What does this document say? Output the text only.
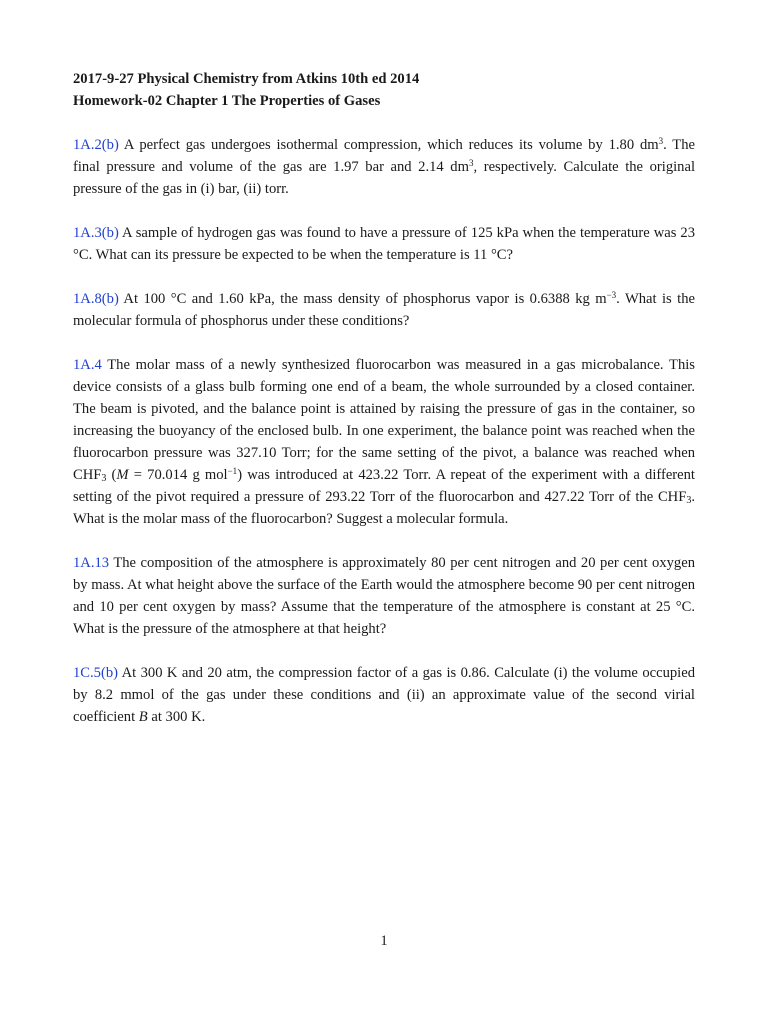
2017-9-27 Physical Chemistry from Atkins 10th ed 2014

Homework-02 Chapter 1 The Properties of Gases

1A.2(b) A perfect gas undergoes isothermal compression, which reduces its volume by 1.80 $dm^3$. The final pressure and volume of the gas are 1.97 bar and 2.14 $dm^3$, respectively. Calculate the original pressure of the gas in (i) bar, (ii) torr.

1A.3(b) A sample of hydrogen gas was found to have a pressure of 125 kPa when the temperature was 23 °C. What can its pressure be expected to be when the temperature is 11 °C?

1A.8(b) At 100 °C and 1.60 kPa, the mass density of phosphorus vapor is 0.6388 kg $m^{-3}$. What is the molecular formula of phosphorus under these conditions?

1A.4 The molar mass of a newly synthesized fluorocarbon was measured in a gas microbalance. This device consists of a glass bulb forming one end of a beam, the whole surrounded by a closed container. The beam is pivoted, and the balance point is attained by raising the pressure of gas in the container, so increasing the buoyancy of the enclosed bulb. In one experiment, the balance point was reached when the fluorocarbon pressure was 327.10 Torr; for the same setting of the pivot, a balance was reached when $CHF_3$ (M = 70.014 g mol$^{-1}$) was introduced at 423.22 Torr. A repeat of the experiment with a different setting of the pivot required a pressure of 293.22 Torr of the fluorocarbon and 427.22 Torr of the $CHF_3$. What is the molar mass of the fluorocarbon? Suggest a molecular formula.

1A.13 The composition of the atmosphere is approximately 80 per cent nitrogen and 20 per cent oxygen by mass. At what height above the surface of the Earth would the atmosphere become 90 per cent nitrogen and 10 per cent oxygen by mass? Assume that the temperature of the atmosphere is constant at 25 °C. What is the pressure of the atmosphere at that height?

1C.5(b) At 300 K and 20 atm, the compression factor of a gas is 0.86. Calculate (i) the volume occupied by 8.2 mmol of the gas under these conditions and (ii) an approximate value of the second virial coefficient B at 300 K.

1
